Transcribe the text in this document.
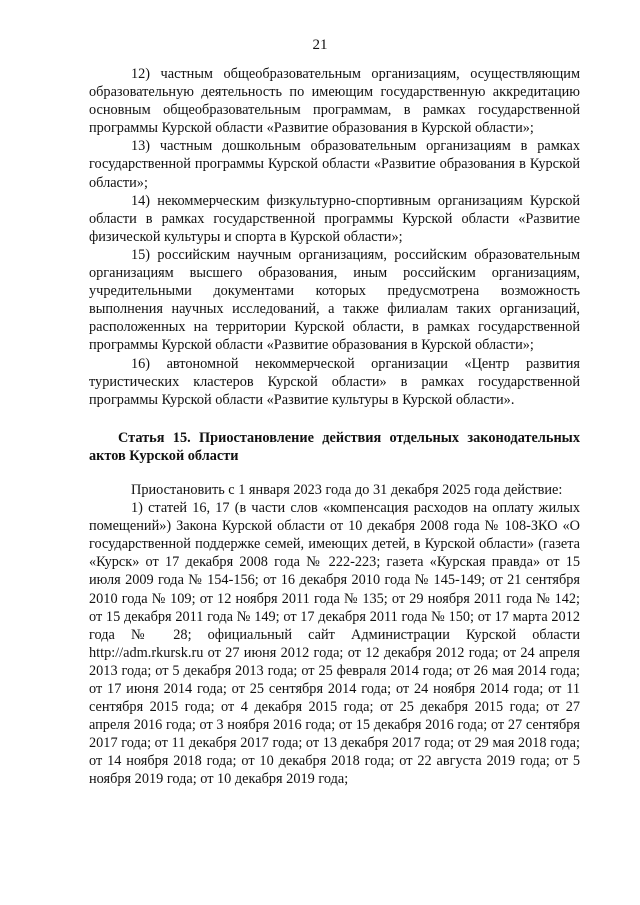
21

12) частным общеобразовательным организациям, осуществляющим образовательную деятельность по имеющим государственную аккредитацию основным общеобразовательным программам, в рамках государственной программы Курской области «Развитие образования в Курской области»;

13) частным дошкольным образовательным организациям в рамках государственной программы Курской области «Развитие образования в Курской области»;

14) некоммерческим физкультурно-спортивным организациям Курской области в рамках государственной программы Курской области «Развитие физической культуры и спорта в Курской области»;

15) российским научным организациям, российским образовательным организациям высшего образования, иным российским организациям, учредительными документами которых предусмотрена возможность выполнения научных исследований, а также филиалам таких организаций, расположенных на территории Курской области, в рамках государственной программы Курской области «Развитие образования в Курской области»;

16) автономной некоммерческой организации «Центр развития туристических кластеров Курской области» в рамках государственной программы Курской области «Развитие культуры в Курской области».

Статья 15. Приостановление действия отдельных законодательных актов Курской области

Приостановить с 1 января 2023 года до 31 декабря 2025 года действие:

1) статей 16, 17 (в части слов «компенсация расходов на оплату жилых помещений») Закона Курской области от 10 декабря 2008 года № 108-ЗКО «О государственной поддержке семей, имеющих детей, в Курской области» (газета «Курск» от 17 декабря 2008 года № 222-223; газета «Курская правда» от 15 июля 2009 года № 154-156; от 16 декабря 2010 года № 145-149; от 21 сентября 2010 года № 109; от 12 ноября 2011 года № 135; от 29 ноября 2011 года № 142; от 15 декабря 2011 года № 149; от 17 декабря 2011 года № 150; от 17 марта 2012 года № 28; официальный сайт Администрации Курской области http://adm.rkursk.ru от 27 июня 2012 года; от 12 декабря 2012 года; от 24 апреля 2013 года; от 5 декабря 2013 года; от 25 февраля 2014 года; от 26 мая 2014 года; от 17 июня 2014 года; от 25 сентября 2014 года; от 24 ноября 2014 года; от 11 сентября 2015 года; от 4 декабря 2015 года; от 25 декабря 2015 года; от 27 апреля 2016 года; от 3 ноября 2016 года; от 15 декабря 2016 года; от 27 сентября 2017 года; от 11 декабря 2017 года; от 13 декабря 2017 года; от 29 мая 2018 года; от 14 ноября 2018 года; от 10 декабря 2018 года; от 22 августа 2019 года; от 5 ноября 2019 года; от 10 декабря 2019 года;
